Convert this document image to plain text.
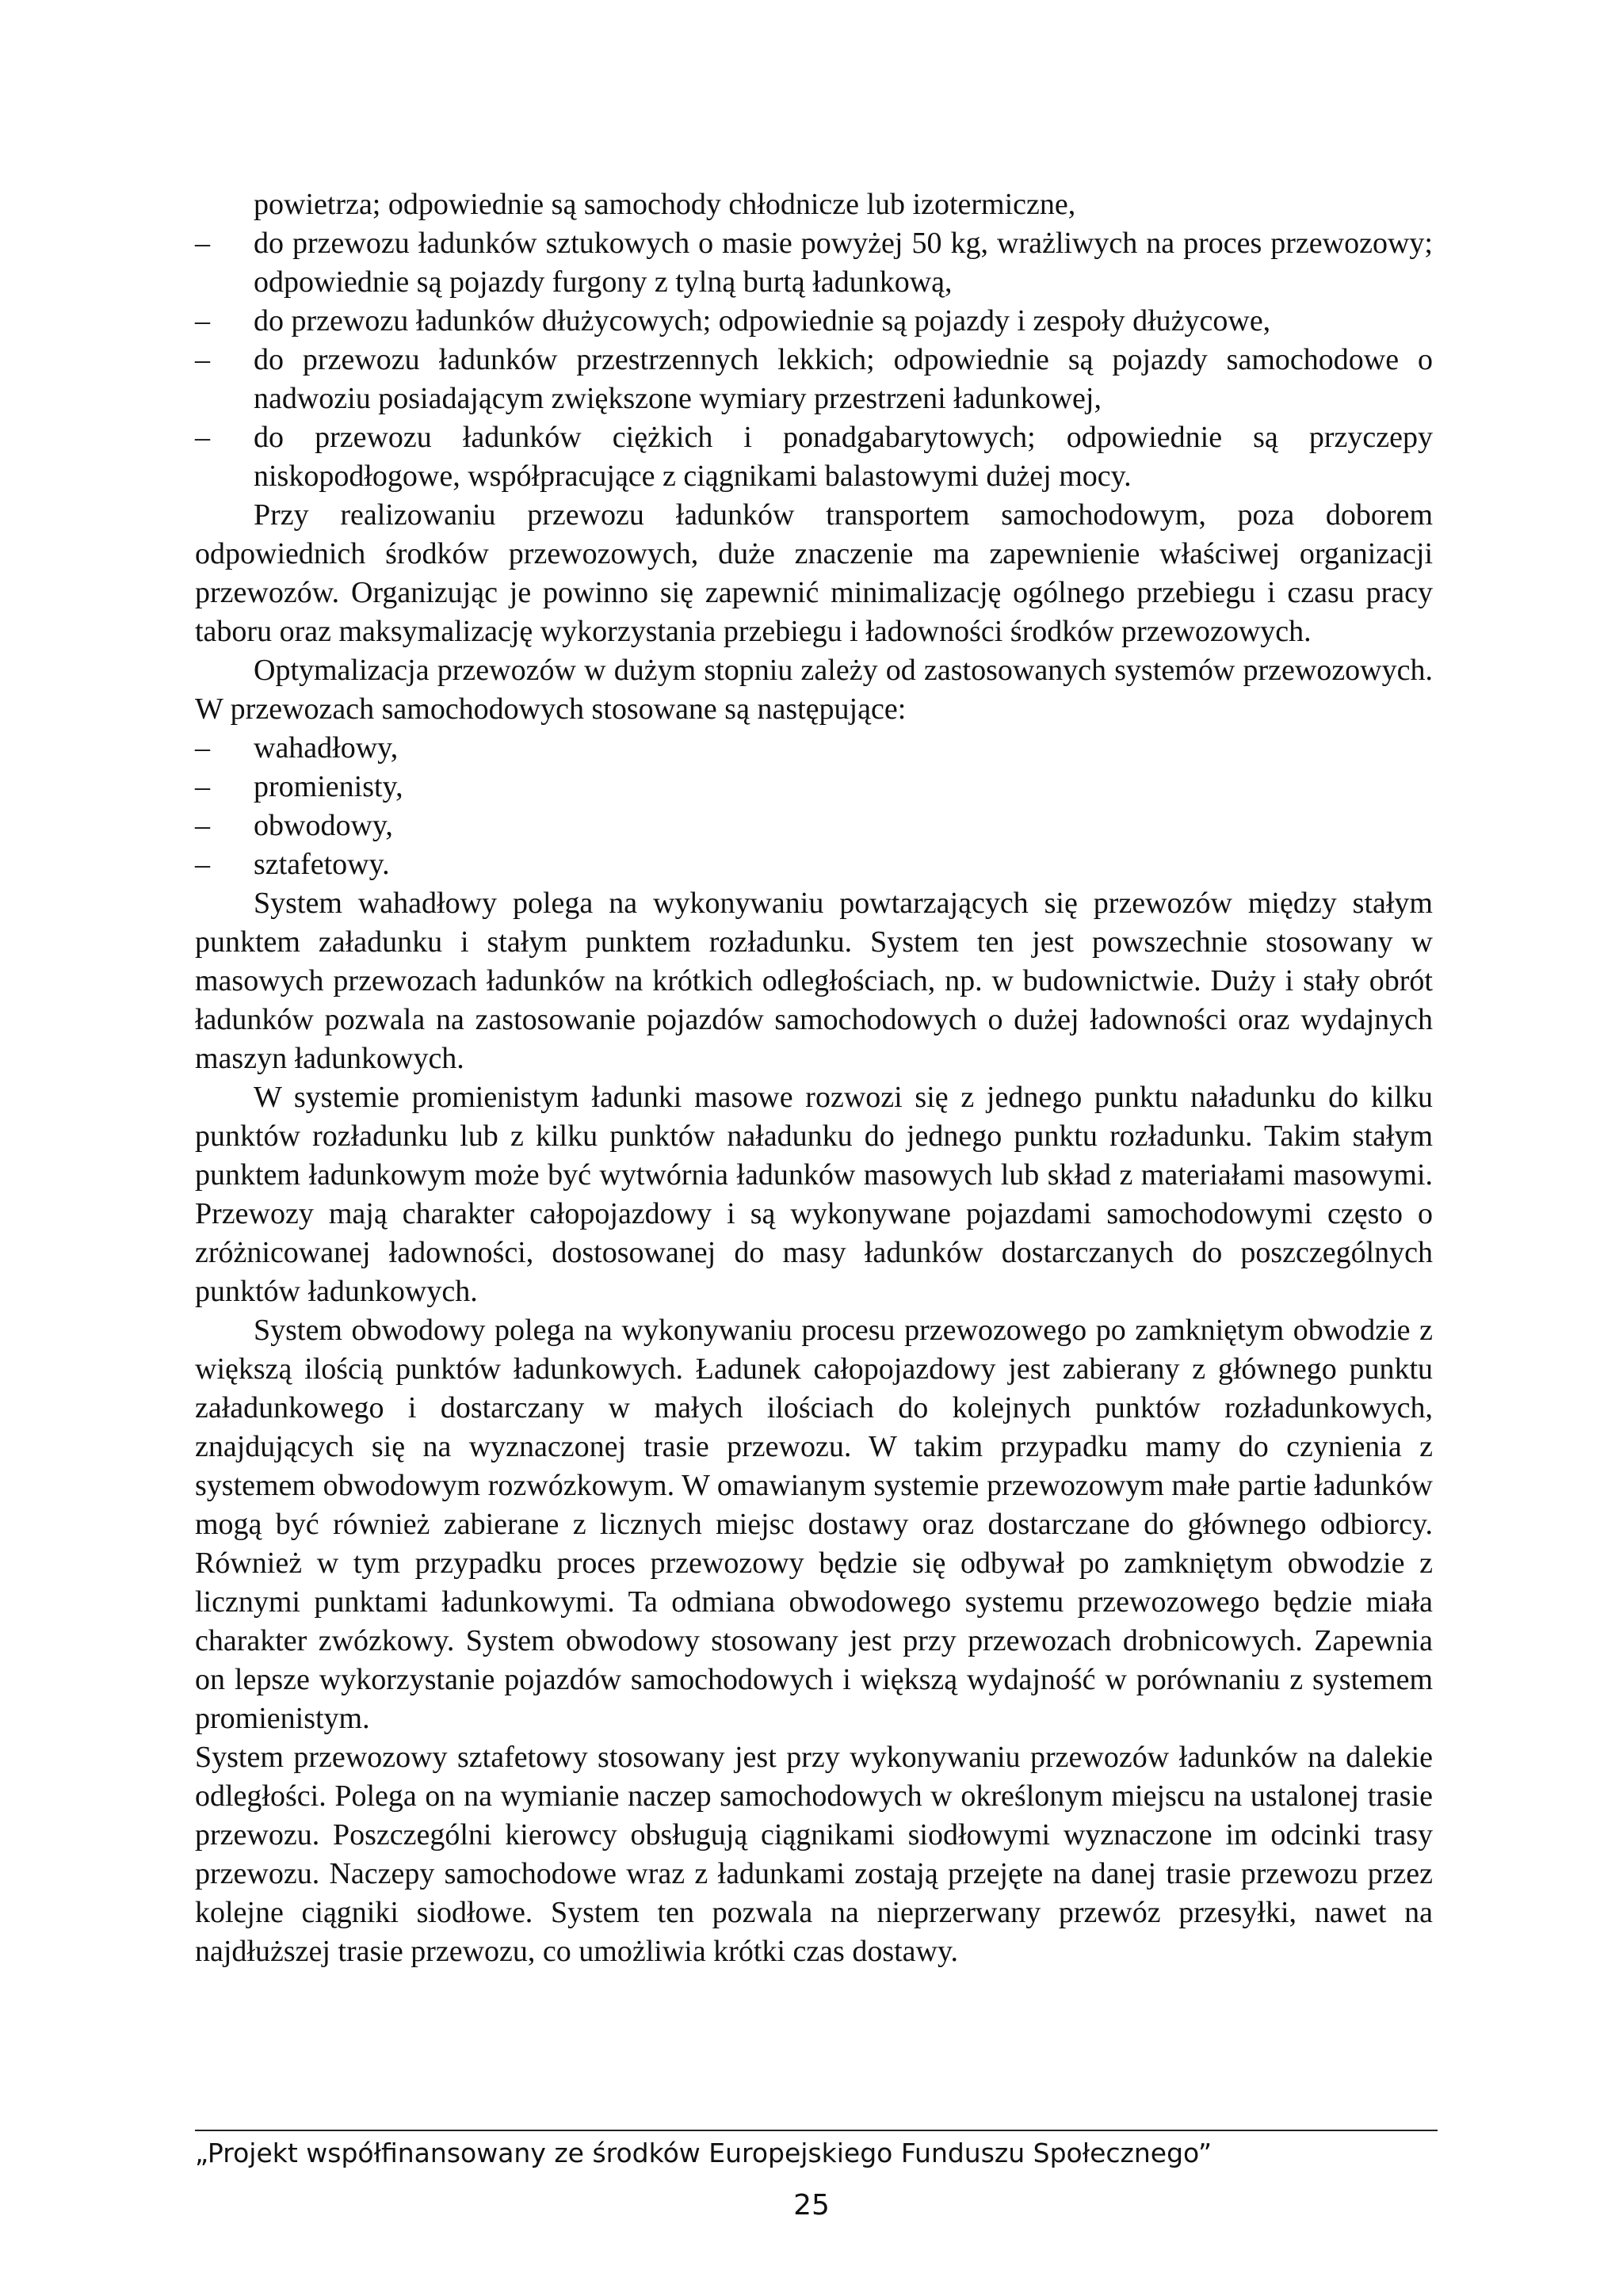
powietrza; odpowiednie są samochody chłodnicze lub izotermiczne,

– do przewozu ładunków sztukowych o masie powyżej 50 kg, wrażliwych na proces przewozowy; odpowiednie są pojazdy furgony z tylną burtą ładunkową,
– do przewozu ładunków dłużycowych; odpowiednie są pojazdy i zespoły dłużycowe,
– do przewozu ładunków przestrzennych lekkich; odpowiednie są pojazdy samochodowe o nadwoziu posiadającym zwiększone wymiary przestrzeni ładunkowej,
– do przewozu ładunków ciężkich i ponadgabarytowych; odpowiednie są przyczepy niskopodłogowe, współpracujące z ciągnikami balastowymi dużej mocy.

Przy realizowaniu przewozu ładunków transportem samochodowym, poza doborem odpowiednich środków przewozowych, duże znaczenie ma zapewnienie właściwej organizacji przewozów. Organizując je powinno się zapewnić minimalizację ogólnego przebiegu i czasu pracy taboru oraz maksymalizację wykorzystania przebiegu i ładowności środków przewozowych.

Optymalizacja przewozów w dużym stopniu zależy od zastosowanych systemów przewozowych. W przewozach samochodowych stosowane są następujące:

– wahadłowy,
– promienisty,
– obwodowy,
– sztafetowy.

System wahadłowy polega na wykonywaniu powtarzających się przewozów między stałym punktem załadunku i stałym punktem rozładunku. System ten jest powszechnie stosowany w masowych przewozach ładunków na krótkich odległościach, np. w budownictwie. Duży i stały obrót ładunków pozwala na zastosowanie pojazdów samochodowych o dużej ładowności oraz wydajnych maszyn ładunkowych.

W systemie promienistym ładunki masowe rozwozi się z jednego punktu naładunku do kilku punktów rozładunku lub z kilku punktów naładunku do jednego punktu rozładunku. Takim stałym punktem ładunkowym może być wytwórnia ładunków masowych lub skład z materiałami masowymi. Przewozy mają charakter całopojazdowy i są wykonywane pojazdami samochodowymi często o zróżnicowanej ładowności, dostosowanej do masy ładunków dostarczanych do poszczególnych punktów ładunkowych.

System obwodowy polega na wykonywaniu procesu przewozowego po zamkniętym obwodzie z większą ilością punktów ładunkowych. Ładunek całopojazdowy jest zabierany z głównego punktu załadunkowego i dostarczany w małych ilościach do kolejnych punktów rozładunkowych, znajdujących się na wyznaczonej trasie przewozu. W takim przypadku mamy do czynienia z systemem obwodowym rozwózkowym. W omawianym systemie przewozowym małe partie ładunków mogą być również zabierane z licznych miejsc dostawy oraz dostarczane do głównego odbiorcy. Również w tym przypadku proces przewozowy będzie się odbywał po zamkniętym obwodzie z licznymi punktami ładunkowymi. Ta odmiana obwodowego systemu przewozowego będzie miała charakter zwózkowy. System obwodowy stosowany jest przy przewozach drobnicowych. Zapewnia on lepsze wykorzystanie pojazdów samochodowych i większą wydajność w porównaniu z systemem promienistym.

System przewozowy sztafetowy stosowany jest przy wykonywaniu przewozów ładunków na dalekie odległości. Polega on na wymianie naczep samochodowych w określonym miejscu na ustalonej trasie przewozu. Poszczególni kierowcy obsługują ciągnikami siodłowymi wyznaczone im odcinki trasy przewozu. Naczepy samochodowe wraz z ładunkami zostają przejęte na danej trasie przewozu przez kolejne ciągniki siodłowe. System ten pozwala na nieprzerwany przewóz przesyłki, nawet na najdłuższej trasie przewozu, co umożliwia krótki czas dostawy.

„Projekt współfinansowany ze środków Europejskiego Funduszu Społecznego”
25
